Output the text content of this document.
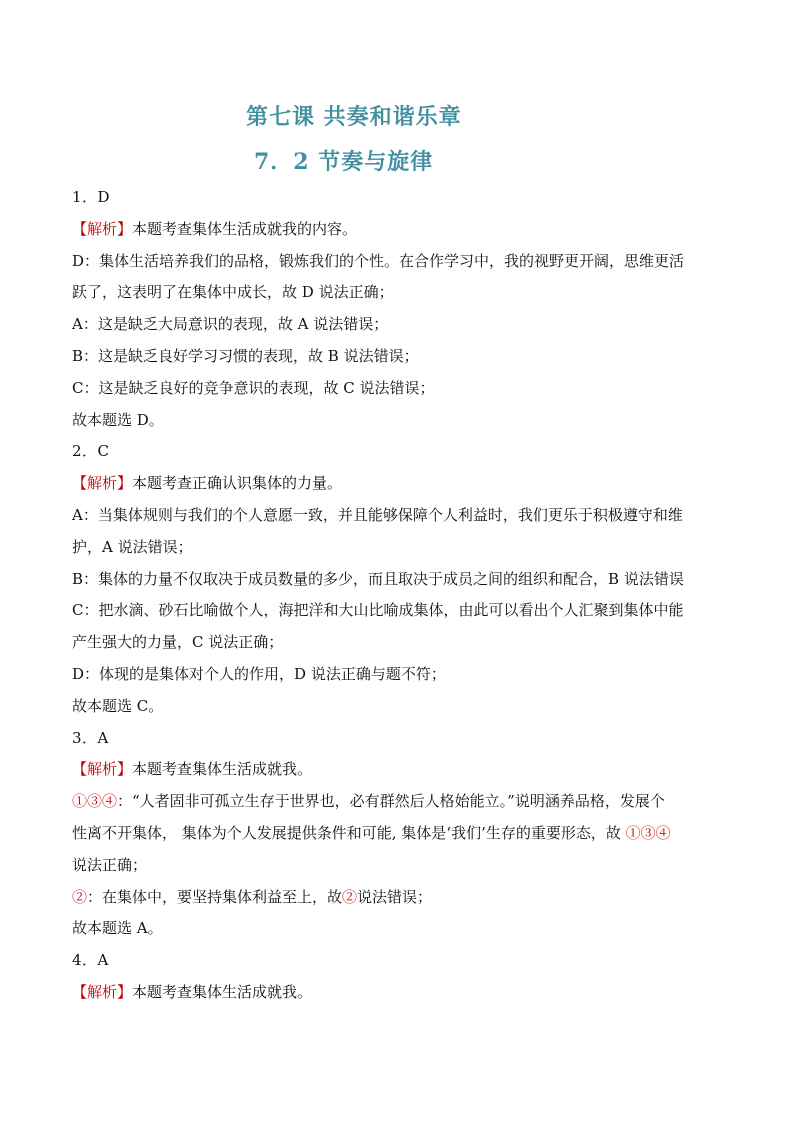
第七课 共奏和谐乐章
7．2 节奏与旋律
1．D
【解析】本题考查集体生活成就我的内容。
D：集体生活培养我们的品格，锻炼我们的个性。在合作学习中，我的视野更开阔，思维更活
跃了，这表明了在集体中成长，故 D 说法正确；
A：这是缺乏大局意识的表现，故 A 说法错误；
B：这是缺乏良好学习习惯的表现，故 B 说法错误；
C：这是缺乏良好的竞争意识的表现，故 C 说法错误；
故本题选 D。
2．C
【解析】本题考查正确认识集体的力量。
A：当集体规则与我们的个人意愿一致，并且能够保障个人利益时，我们更乐于积极遵守和维
护，A 说法错误；
B：集体的力量不仅取决于成员数量的多少，而且取决于成员之间的组织和配合，B 说法错误
C：把水滴、砂石比喻做个人，海把洋和大山比喻成集体，由此可以看出个人汇聚到集体中能
产生强大的力量，C 说法正确；
D：体现的是集体对个人的作用，D 说法正确与题不符；
故本题选 C。
3．A
【解析】本题考查集体生活成就我。
①③④：“人者固非可孤立生存于世界也，必有群然后人格始能立。”说明涵养品格，发展个
性离不开集体， 集体为个人发展提供条件和可能, 集体是‘我们’生存的重要形态，故 ①③④
说法正确；
②：在集体中，要坚持集体利益至上，故②说法错误；
故本题选 A。
4．A
【解析】本题考查集体生活成就我。
